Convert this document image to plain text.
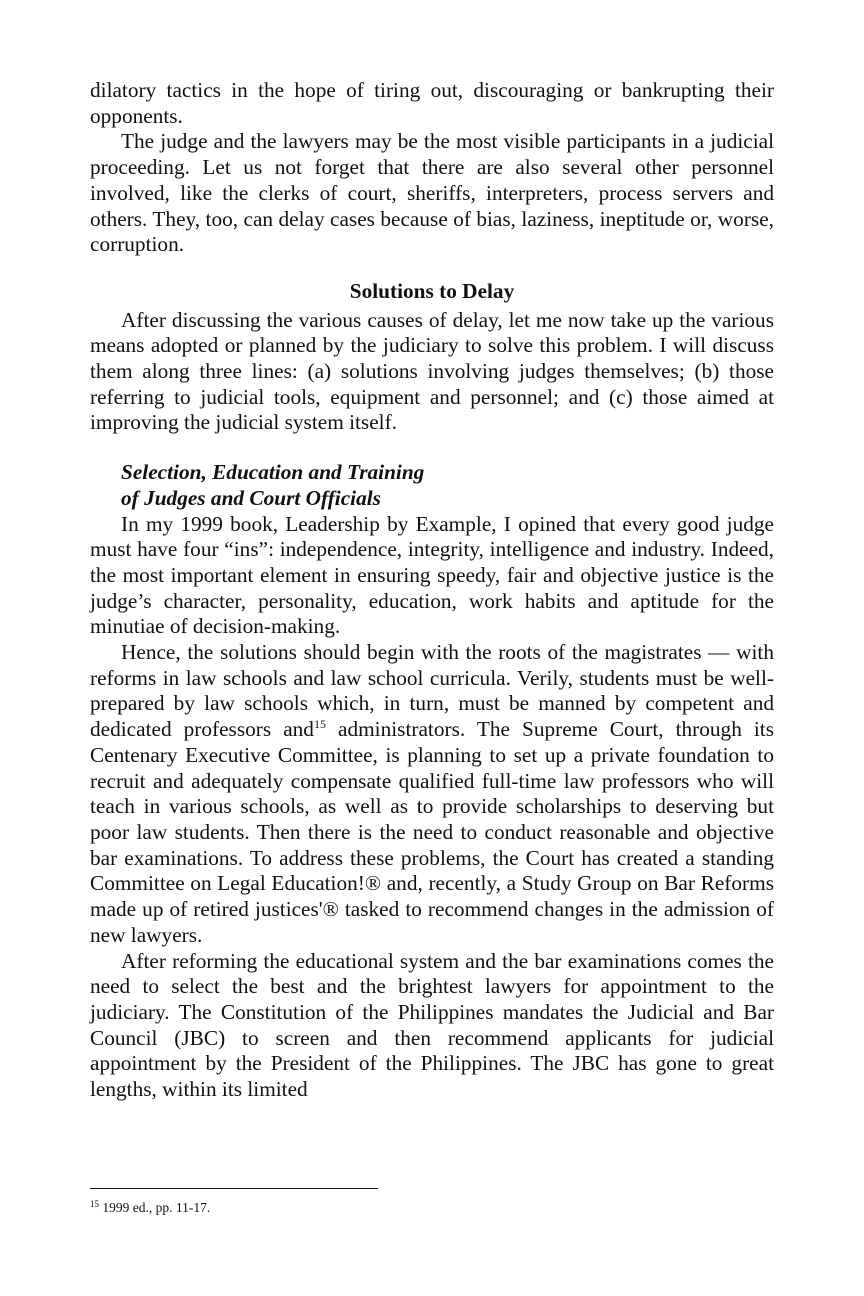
dilatory tactics in the hope of tiring out, discouraging or bankrupting their opponents.

The judge and the lawyers may be the most visible participants in a judicial proceeding. Let us not forget that there are also several other personnel involved, like the clerks of court, sheriffs, interpreters, process servers and others. They, too, can delay cases because of bias, laziness, ineptitude or, worse, corruption.

Solutions to Delay

After discussing the various causes of delay, let me now take up the various means adopted or planned by the judiciary to solve this problem. I will discuss them along three lines: (a) solutions involving judges themselves; (b) those referring to judicial tools, equipment and personnel; and (c) those aimed at improving the judicial system itself.

Selection, Education and Training
of Judges and Court Officials

In my 1999 book, Leadership by Example, I opined that every good judge must have four “ins”: independence, integrity, intelligence and industry. Indeed, the most important element in ensuring speedy, fair and objective justice is the judge’s character, personality, education, work habits and aptitude for the minutiae of decision-making.

Hence, the solutions should begin with the roots of the magistrates — with reforms in law schools and law school curricula. Verily, students must be well-prepared by law schools which, in turn, must be manned by competent and dedicated professors and$^{15}$ administrators. The Supreme Court, through its Centenary Executive Committee, is planning to set up a private foundation to recruit and adequately compensate qualified full-time law professors who will teach in various schools, as well as to provide scholarships to deserving but poor law students. Then there is the need to conduct reasonable and objective bar examinations. To address these problems, the Court has created a standing Committee on Legal Education!® and, recently, a Study Group on Bar Reforms made up of retired justices'® tasked to recommend changes in the admission of new lawyers.

After reforming the educational system and the bar examinations comes the need to select the best and the brightest lawyers for appointment to the judiciary. The Constitution of the Philippines mandates the Judicial and Bar Council (JBC) to screen and then recommend applicants for judicial appointment by the President of the Philippines. The JBC has gone to great lengths, within its limited

$^{15}$ 1999 ed., pp. 11-17.
